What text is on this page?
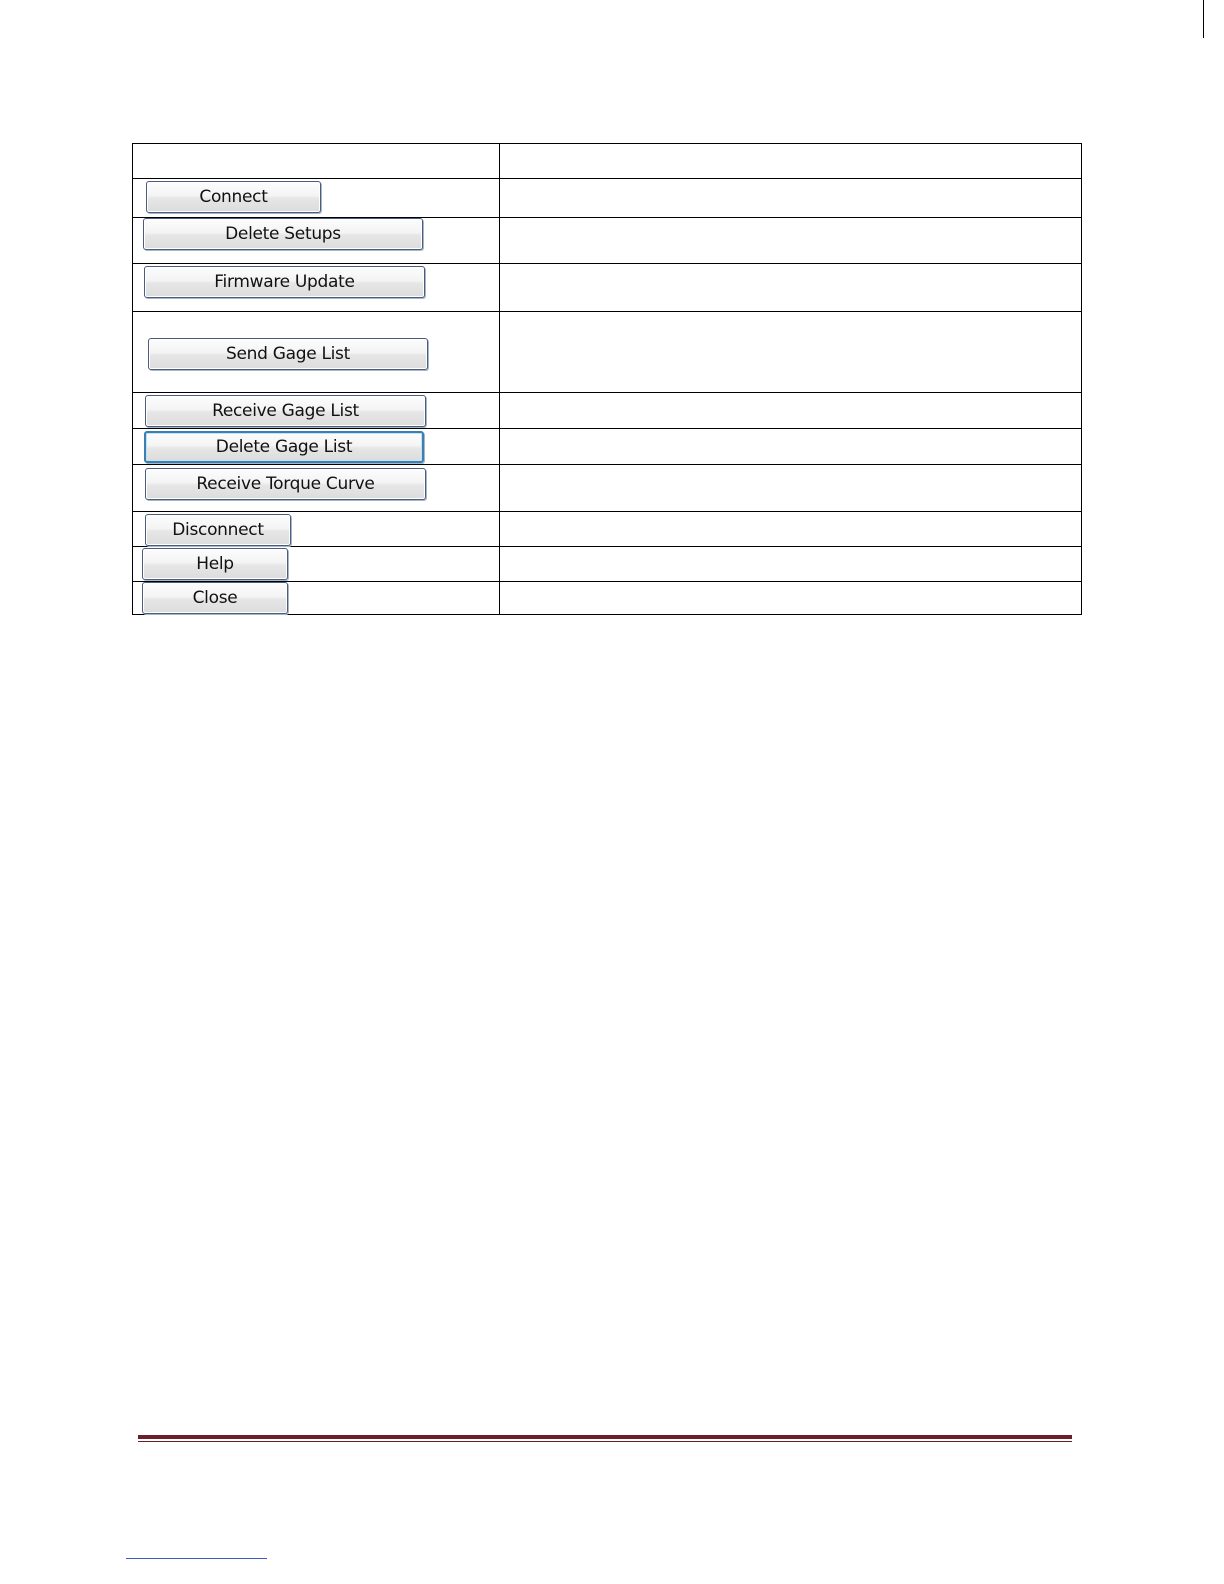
Connect	

Delete Setups	

Firmware Update	

Send Gage List	

Receive Gage List	

Delete Gage List	

Receive Torque Curve	

Disconnect	

Help	

Close	
